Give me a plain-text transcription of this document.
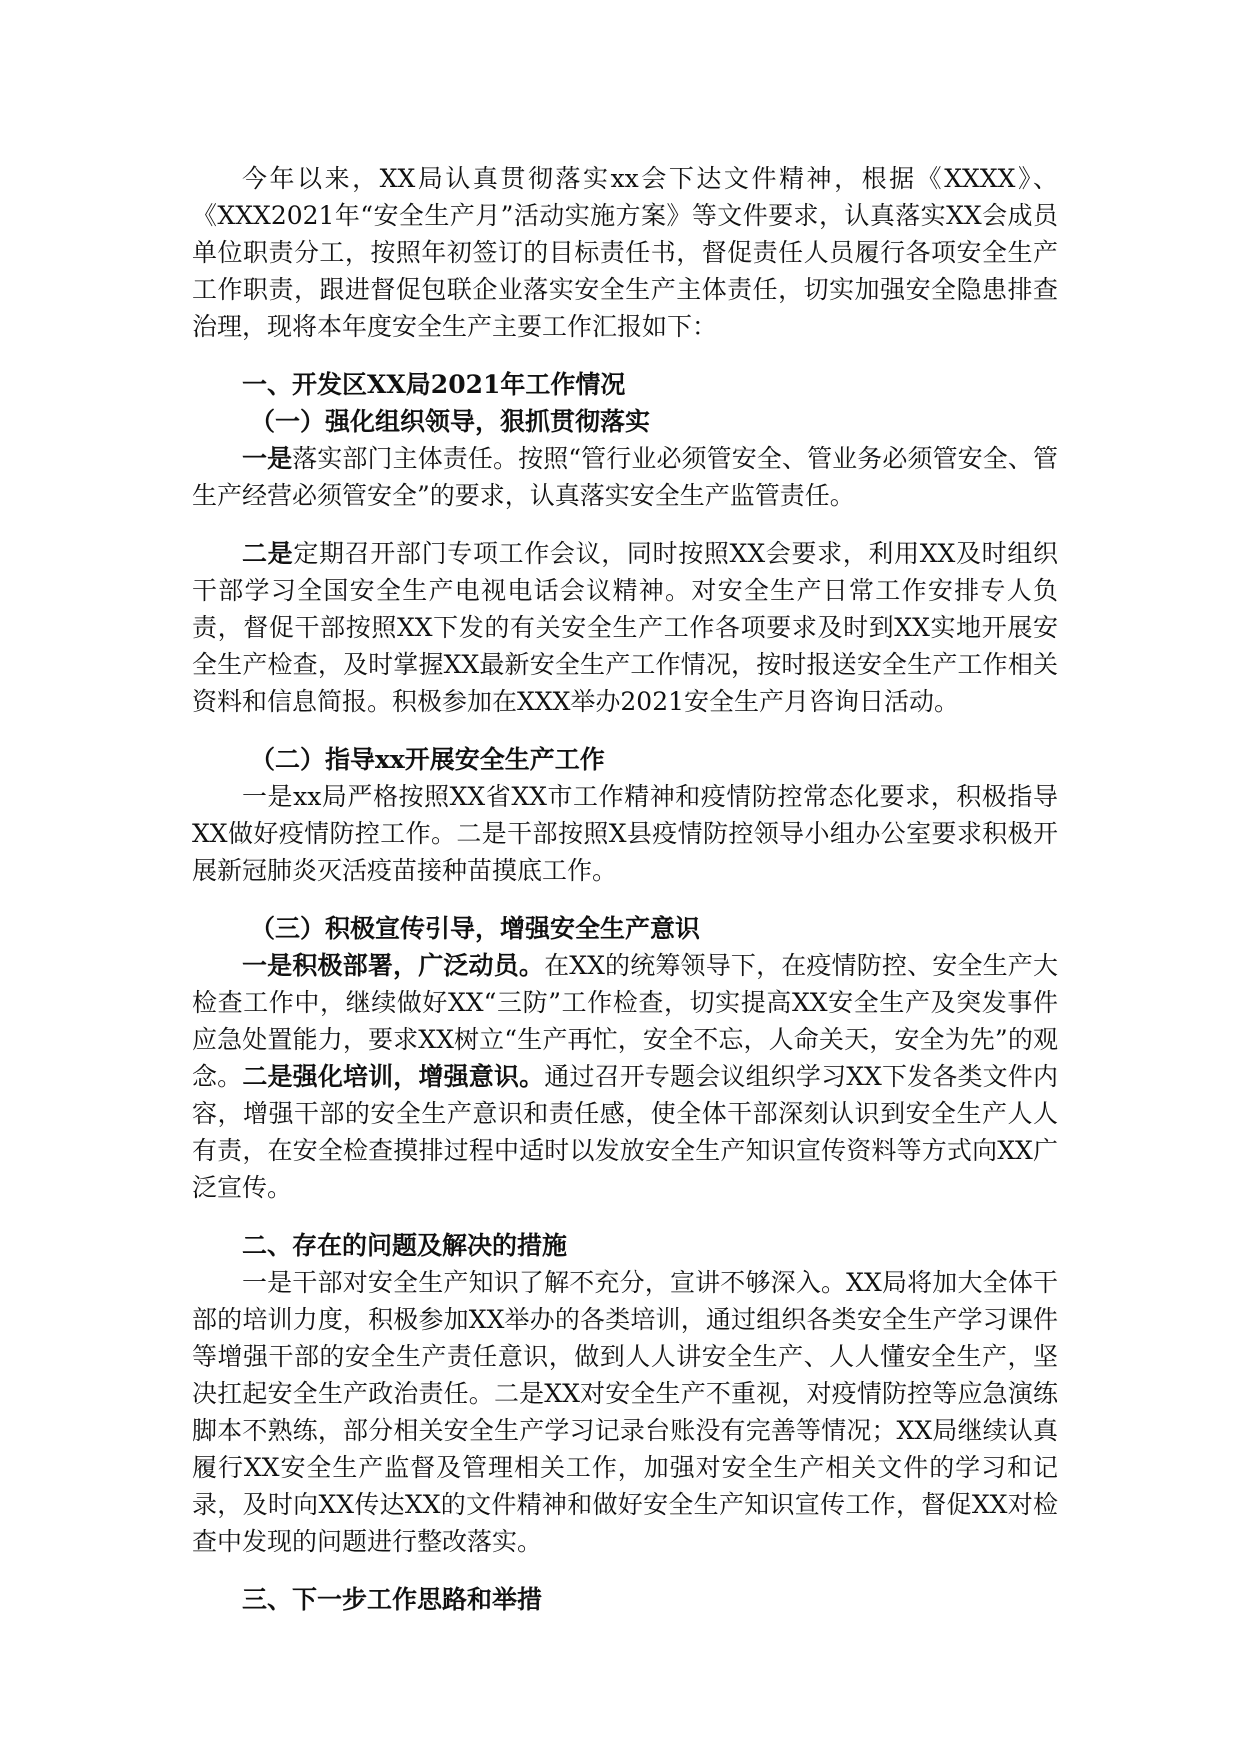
今年以来，XX局认真贯彻落实xx会下达文件精神，根据《XXXX》、《XXX2021年“安全生产月”活动实施方案》等文件要求，认真落实XX会成员单位职责分工，按照年初签订的目标责任书，督促责任人员履行各项安全生产工作职责，跟进督促包联企业落实安全生产主体责任，切实加强安全隐患排查治理，现将本年度安全生产主要工作汇报如下：

一、开发区XX局2021年工作情况

（一）强化组织领导，狠抓贯彻落实

一是落实部门主体责任。按照“管行业必须管安全、管业务必须管安全、管生产经营必须管安全”的要求，认真落实安全生产监管责任。

二是定期召开部门专项工作会议，同时按照XX会要求，利用XX及时组织干部学习全国安全生产电视电话会议精神。对安全生产日常工作安排专人负责，督促干部按照XX下发的有关安全生产工作各项要求及时到XX实地开展安全生产检查，及时掌握XX最新安全生产工作情况，按时报送安全生产工作相关资料和信息简报。积极参加在XXX举办2021安全生产月咨询日活动。

（二）指导xx开展安全生产工作

一是xx局严格按照XX省XX市工作精神和疫情防控常态化要求，积极指导XX做好疫情防控工作。二是干部按照X县疫情防控领导小组办公室要求积极开展新冠肺炎灭活疫苗接种苗摸底工作。

（三）积极宣传引导，增强安全生产意识

一是积极部署，广泛动员。在XX的统筹领导下，在疫情防控、安全生产大检查工作中，继续做好XX“三防”工作检查，切实提高XX安全生产及突发事件应急处置能力，要求XX树立“生产再忙，安全不忘，人命关天，安全为先”的观念。二是强化培训，增强意识。通过召开专题会议组织学习XX下发各类文件内容，增强干部的安全生产意识和责任感，使全体干部深刻认识到安全生产人人有责，在安全检查摸排过程中适时以发放安全生产知识宣传资料等方式向XX广泛宣传。

二、存在的问题及解决的措施

一是干部对安全生产知识了解不充分，宣讲不够深入。XX局将加大全体干部的培训力度，积极参加XX举办的各类培训，通过组织各类安全生产学习课件等增强干部的安全生产责任意识，做到人人讲安全生产、人人懂安全生产，坚决扛起安全生产政治责任。二是XX对安全生产不重视，对疫情防控等应急演练脚本不熟练，部分相关安全生产学习记录台账没有完善等情况；XX局继续认真履行XX安全生产监督及管理相关工作，加强对安全生产相关文件的学习和记录，及时向XX传达XX的文件精神和做好安全生产知识宣传工作，督促XX对检查中发现的问题进行整改落实。

三、下一步工作思路和举措
